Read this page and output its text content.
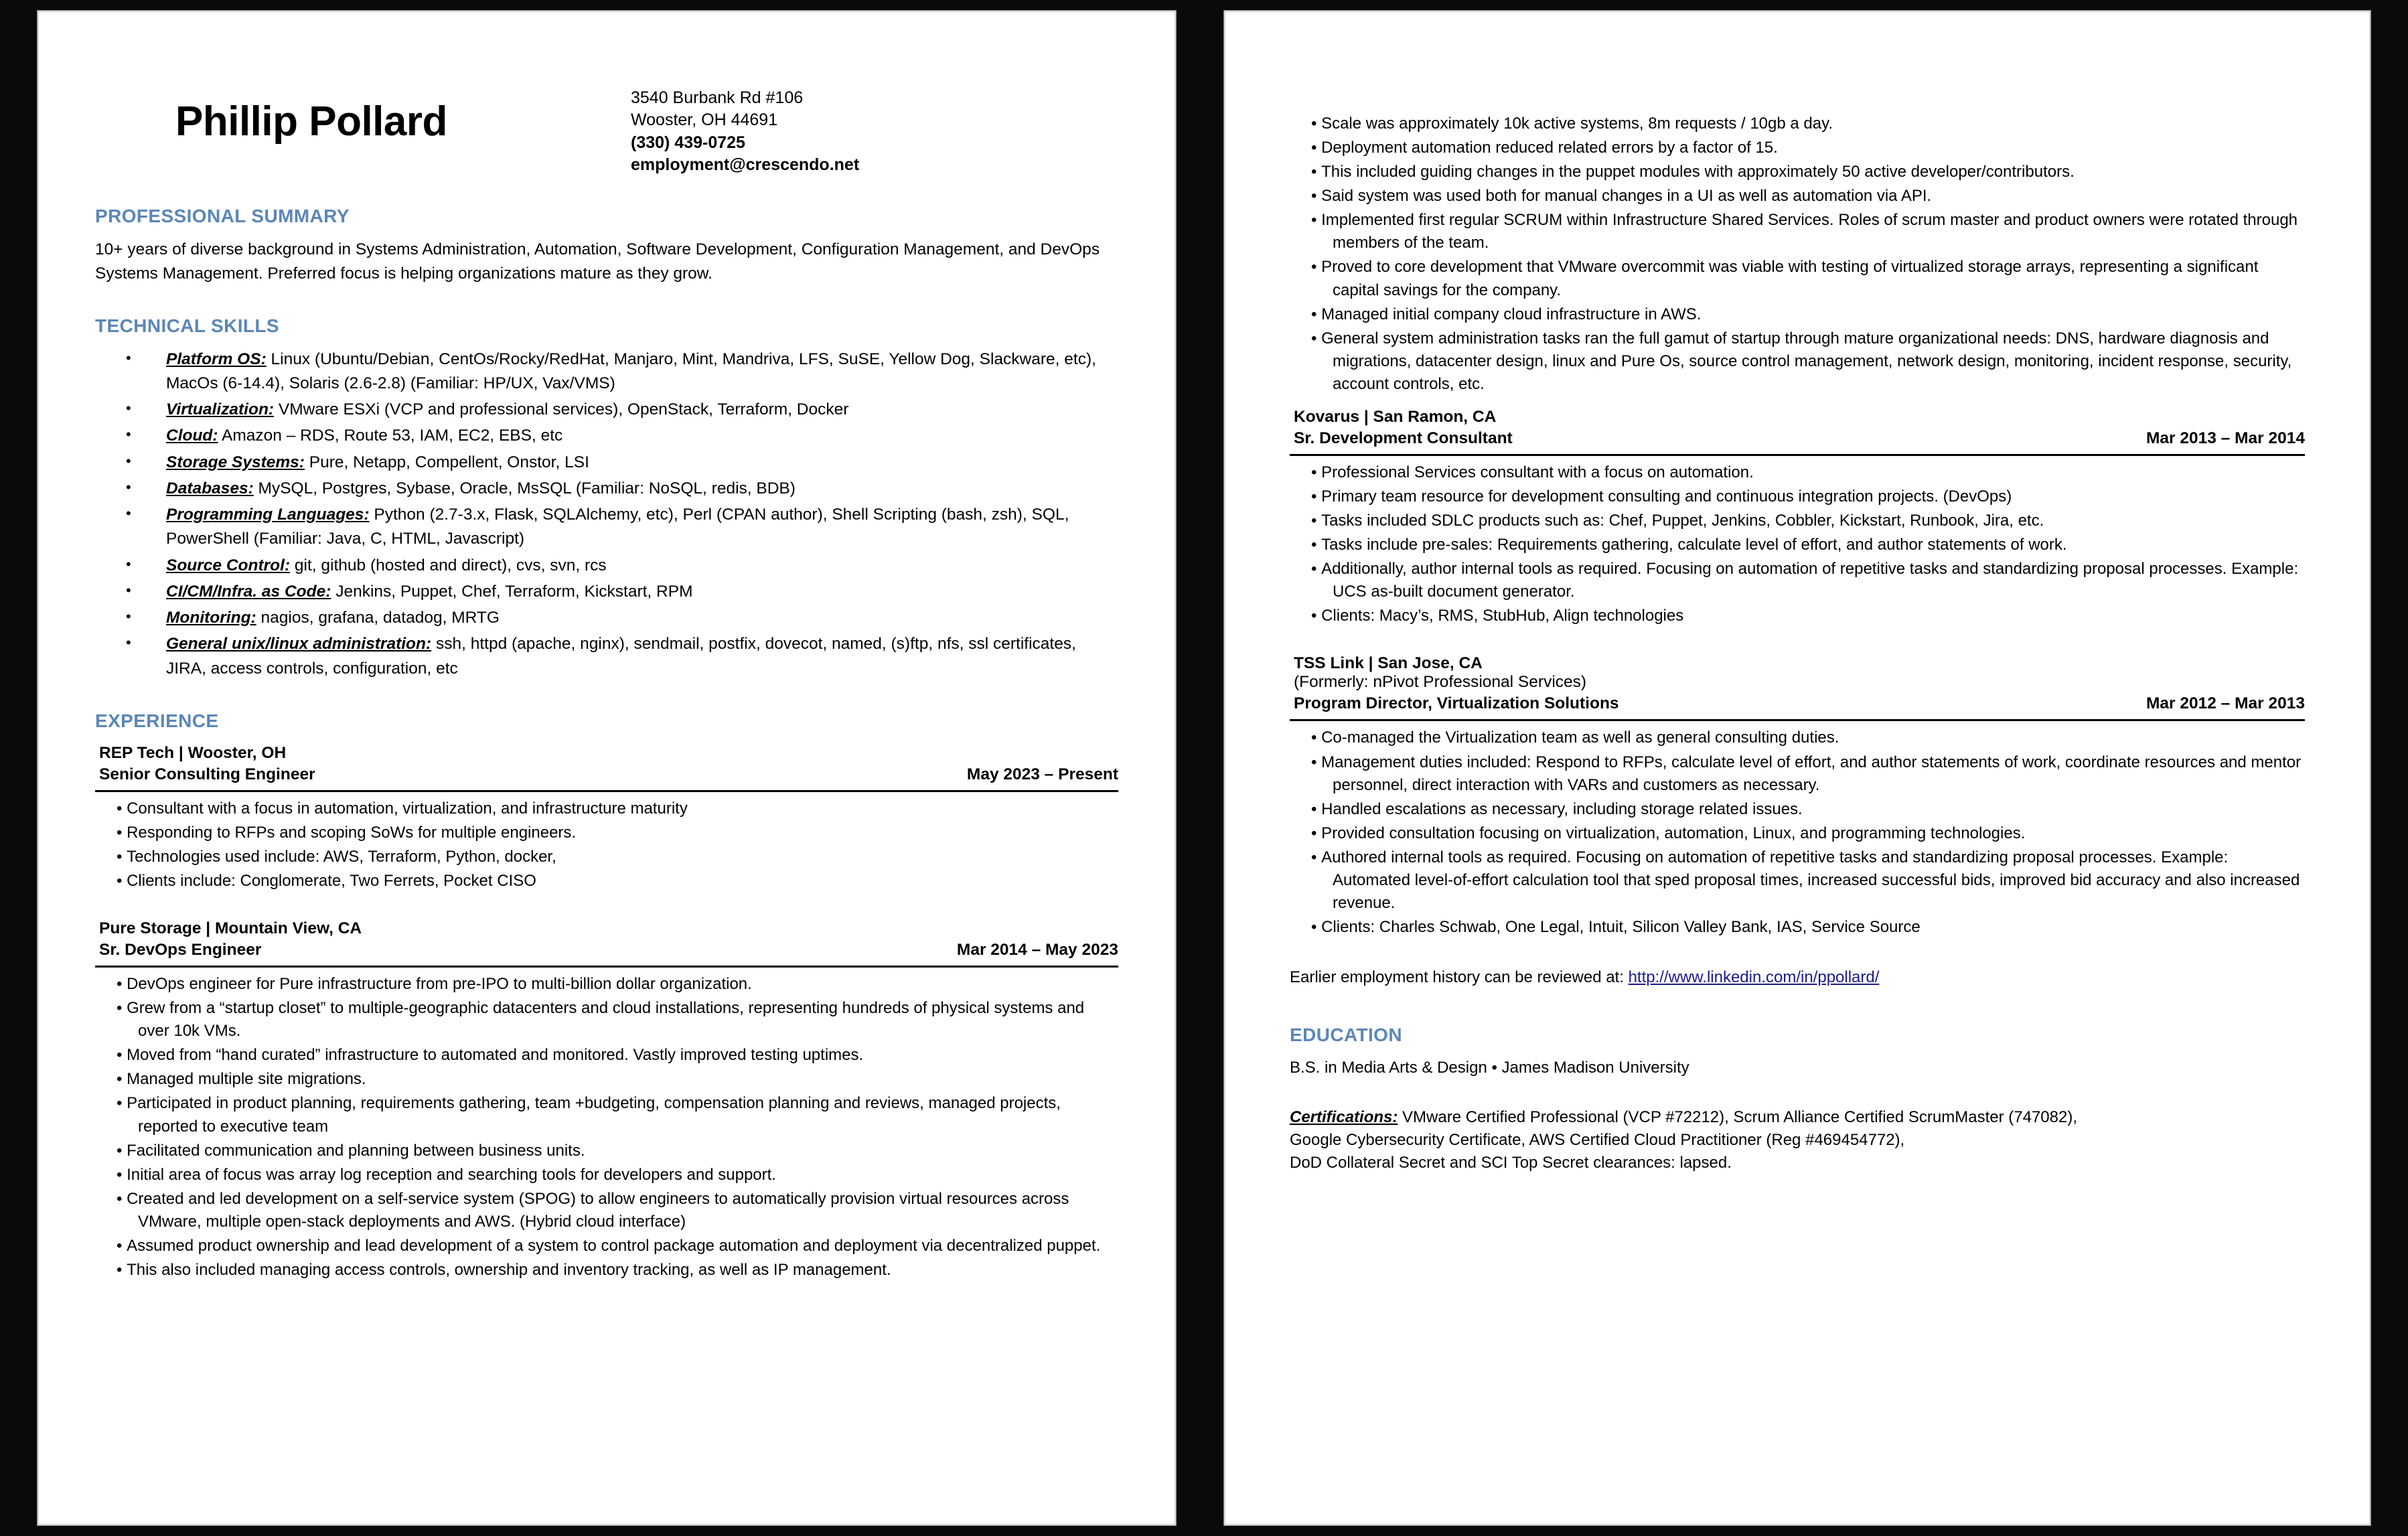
Phillip Pollard
3540 Burbank Rd #106
Wooster, OH 44691
(330) 439-0725
employment@crescendo.net
PROFESSIONAL SUMMARY
10+ years of diverse background in Systems Administration, Automation, Software Development, Configuration Management, and DevOps Systems Management. Preferred focus is helping organizations mature as they grow.
TECHNICAL SKILLS
• Platform OS: Linux (Ubuntu/Debian, CentOs/Rocky/RedHat, Manjaro, Mint, Mandriva, LFS, SuSE, Yellow Dog, Slackware, etc), MacOs (6-14.4), Solaris (2.6-2.8) (Familiar: HP/UX, Vax/VMS)
• Virtualization: VMware ESXi (VCP and professional services), OpenStack, Terraform, Docker
• Cloud: Amazon – RDS, Route 53, IAM, EC2, EBS, etc
• Storage Systems: Pure, Netapp, Compellent, Onstor, LSI
• Databases: MySQL, Postgres, Sybase, Oracle, MsSQL (Familiar: NoSQL, redis, BDB)
• Programming Languages: Python (2.7-3.x, Flask, SQLAlchemy, etc), Perl (CPAN author), Shell Scripting (bash, zsh), SQL, PowerShell (Familiar: Java, C, HTML, Javascript)
• Source Control: git, github (hosted and direct), cvs, svn, rcs
• CI/CM/Infra. as Code: Jenkins, Puppet, Chef, Terraform, Kickstart, RPM
• Monitoring: nagios, grafana, datadog, MRTG
• General unix/linux administration: ssh, httpd (apache, nginx), sendmail, postfix, dovecot, named, (s)ftp, nfs, ssl certificates, JIRA, access controls, configuration, etc
EXPERIENCE
REP Tech | Wooster, OH
Senior Consulting Engineer	May 2023 – Present
• Consultant with a focus in automation, virtualization, and infrastructure maturity
• Responding to RFPs and scoping SoWs for multiple engineers.
• Technologies used include: AWS, Terraform, Python, docker,
• Clients include: Conglomerate, Two Ferrets, Pocket CISO
Pure Storage | Mountain View, CA
Sr. DevOps Engineer	Mar 2014 – May 2023
• DevOps engineer for Pure infrastructure from pre-IPO to multi-billion dollar organization.
• Grew from a “startup closet” to multiple-geographic datacenters and cloud installations, representing hundreds of physical systems and over 10k VMs.
• Moved from “hand curated” infrastructure to automated and monitored. Vastly improved testing uptimes.
• Managed multiple site migrations.
• Participated in product planning, requirements gathering, team +budgeting, compensation planning and reviews, managed projects, reported to executive team
• Facilitated communication and planning between business units.
• Initial area of focus was array log reception and searching tools for developers and support.
• Created and led development on a self-service system (SPOG) to allow engineers to automatically provision virtual resources across VMware, multiple open-stack deployments and AWS. (Hybrid cloud interface)
• Assumed product ownership and lead development of a system to control package automation and deployment via decentralized puppet.
• This also included managing access controls, ownership and inventory tracking, as well as IP management.
• Scale was approximately 10k active systems, 8m requests / 10gb a day.
• Deployment automation reduced related errors by a factor of 15.
• This included guiding changes in the puppet modules with approximately 50 active developer/contributors.
• Said system was used both for manual changes in a UI as well as automation via API.
• Implemented first regular SCRUM within Infrastructure Shared Services. Roles of scrum master and product owners were rotated through members of the team.
• Proved to core development that VMware overcommit was viable with testing of virtualized storage arrays, representing a significant capital savings for the company.
• Managed initial company cloud infrastructure in AWS.
• General system administration tasks ran the full gamut of startup through mature organizational needs: DNS, hardware diagnosis and migrations, datacenter design, linux and Pure Os, source control management, network design, monitoring, incident response, security, account controls, etc.
Kovarus | San Ramon, CA
Sr. Development Consultant	Mar 2013 – Mar 2014
• Professional Services consultant with a focus on automation.
• Primary team resource for development consulting and continuous integration projects. (DevOps)
• Tasks included SDLC products such as: Chef, Puppet, Jenkins, Cobbler, Kickstart, Runbook, Jira, etc.
• Tasks include pre-sales: Requirements gathering, calculate level of effort, and author statements of work.
• Additionally, author internal tools as required. Focusing on automation of repetitive tasks and standardizing proposal processes. Example: UCS as-built document generator.
• Clients: Macy’s, RMS, StubHub, Align technologies
TSS Link | San Jose, CA
(Formerly: nPivot Professional Services)
Program Director, Virtualization Solutions	Mar 2012 – Mar 2013
• Co-managed the Virtualization team as well as general consulting duties.
• Management duties included: Respond to RFPs, calculate level of effort, and author statements of work, coordinate resources and mentor personnel, direct interaction with VARs and customers as necessary.
• Handled escalations as necessary, including storage related issues.
• Provided consultation focusing on virtualization, automation, Linux, and programming technologies.
• Authored internal tools as required. Focusing on automation of repetitive tasks and standardizing proposal processes. Example: Automated level-of-effort calculation tool that sped proposal times, increased successful bids, improved bid accuracy and also increased revenue.
• Clients: Charles Schwab, One Legal, Intuit, Silicon Valley Bank, IAS, Service Source
Earlier employment history can be reviewed at: http://www.linkedin.com/in/ppollard/
EDUCATION
B.S. in Media Arts & Design • James Madison University
Certifications: VMware Certified Professional (VCP #72212), Scrum Alliance Certified ScrumMaster (747082),
Google Cybersecurity Certificate, AWS Certified Cloud Practitioner (Reg #469454772),
DoD Collateral Secret and SCI Top Secret clearances: lapsed.
